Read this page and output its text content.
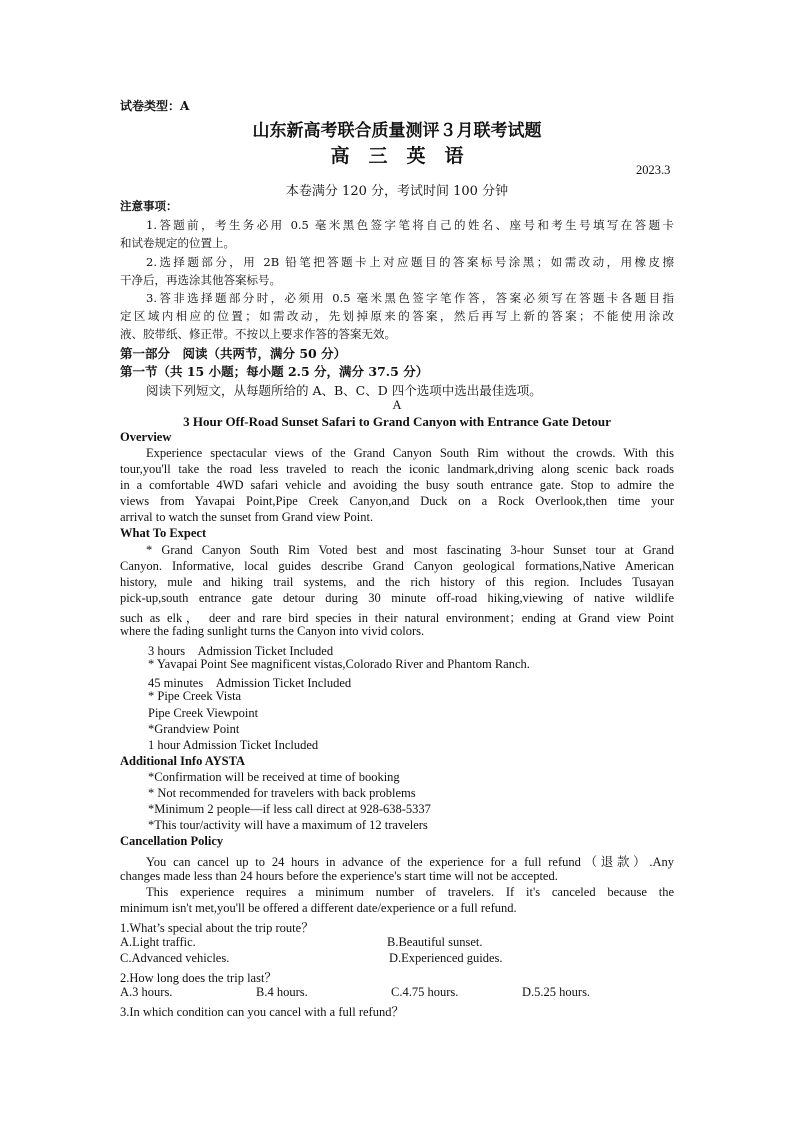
试卷类型：A
山东新高考联合质量测评３月联考试题
高　三　英　语
2023.3
本卷满分 120 分，考试时间 100 分钟
注意事项：
1.答题前，考生务必用 0.5 毫米黑色签字笔将自己的姓名、座号和考生号填写在答题卡
和试卷规定的位置上。
2.选择题部分，用 2B 铅笔把答题卡上对应题目的答案标号涂黑；如需改动，用橡皮擦
干净后，再选涂其他答案标号。
3.答非选择题部分时，必须用 0.5 毫米黑色签字笔作答，答案必须写在答题卡各题目指
定区域内相应的位置；如需改动，先划掉原来的答案，然后再写上新的答案；不能使用涂改
液、胶带纸、修正带。不按以上要求作答的答案无效。
第一部分　阅读（共两节，满分 50 分）
第一节（共 15 小题；每小题 2.5 分，满分 37.5 分）
阅读下列短文，从每题所给的 A、B、C、D 四个选项中选出最佳选项。
A
3 Hour Off-Road Sunset Safari to Grand Canyon with Entrance Gate Detour
Overview
Experience spectacular views of the Grand Canyon South Rim without the crowds. With this
tour,you'll take the road less traveled to reach the iconic landmark,driving along scenic back roads
in a comfortable 4WD safari vehicle and avoiding the busy south entrance gate. Stop to admire the
views from Yavapai Point,Pipe Creek Canyon,and Duck on a Rock Overlook,then time your
arrival to watch the sunset from Grand view Point.
What To Expect
* Grand Canyon South Rim Voted best and most fascinating 3-hour Sunset tour at Grand
Canyon. Informative, local guides describe Grand Canyon geological formations,Native American
history, mule and hiking trail systems, and the rich history of this region. Includes Tusayan
pick-up,south entrance gate detour during 30 minute off-road hiking,viewing of native wildlife
such as elk， deer and rare bird species in their natural environment；ending at Grand view Point
where the fading sunlight turns the Canyon into vivid colors.
3 hours　Admission Ticket Included
* Yavapai Point See magnificent vistas,Colorado River and Phantom Ranch.
45 minutes　Admission Ticket Included
* Pipe Creek Vista
Pipe Creek Viewpoint
*Grandview Point
1 hour Admission Ticket Included
Additional Info AYSTA
*Confirmation will be received at time of booking
* Not recommended for travelers with back problems
*Minimum 2 people—if less call direct at 928-638-5337
*This tour/activity will have a maximum of 12 travelers
Cancellation Policy
You can cancel up to 24 hours in advance of the experience for a full refund（退款）.Any
changes made less than 24 hours before the experience's start time will not be accepted.
This experience requires a minimum number of travelers. If it's canceled because the
minimum isn't met,you'll be offered a different date/experience or a full refund.
1.What’s special about the trip route？
A.Light traffic.	B.Beautiful sunset.
C.Advanced vehicles.	D.Experienced guides.
2.How long does the trip last？
A.3 hours.	B.4 hours.	C.4.75 hours.	D.5.25 hours.
3.In which condition can you cancel with a full refund？
